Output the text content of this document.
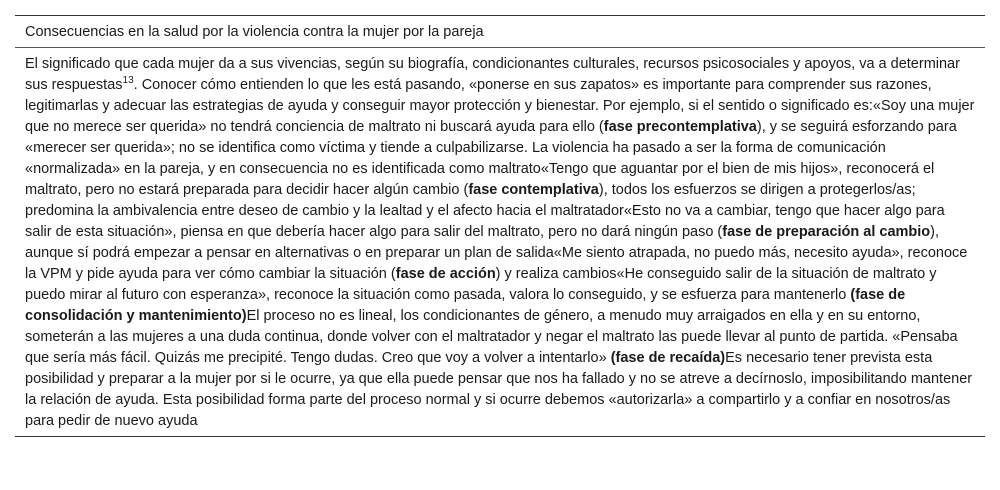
Consecuencias en la salud por la violencia contra la mujer por la pareja
El significado que cada mujer da a sus vivencias, según su biografía, condicionantes culturales, recursos psicosociales y apoyos, va a determinar sus respuestas$^{13}$. Conocer cómo entienden lo que les está pasando, «ponerse en sus zapatos» es importante para comprender sus razones, legitimarlas y adecuar las estrategias de ayuda y conseguir mayor protección y bienestar. Por ejemplo, si el sentido o significado es:«Soy una mujer que no merece ser querida» no tendrá conciencia de maltrato ni buscará ayuda para ello (fase precontemplativa), y se seguirá esforzando para «merecer ser querida»; no se identifica como víctima y tiende a culpabilizarse. La violencia ha pasado a ser la forma de comunicación «normalizada» en la pareja, y en consecuencia no es identificada como maltrato«Tengo que aguantar por el bien de mis hijos», reconocerá el maltrato, pero no estará preparada para decidir hacer algún cambio (fase contemplativa), todos los esfuerzos se dirigen a protegerlos/as; predomina la ambivalencia entre deseo de cambio y la lealtad y el afecto hacia el maltratador«Esto no va a cambiar, tengo que hacer algo para salir de esta situación», piensa en que debería hacer algo para salir del maltrato, pero no dará ningún paso (fase de preparación al cambio), aunque sí podrá empezar a pensar en alternativas o en preparar un plan de salida«Me siento atrapada, no puedo más, necesito ayuda», reconoce la VPM y pide ayuda para ver cómo cambiar la situación (fase de acción) y realiza cambios«He conseguido salir de la situación de maltrato y puedo mirar al futuro con esperanza», reconoce la situación como pasada, valora lo conseguido, y se esfuerza para mantenerlo (fase de consolidación y mantenimiento)El proceso no es lineal, los condicionantes de género, a menudo muy arraigados en ella y en su entorno, someterán a las mujeres a una duda continua, donde volver con el maltratador y negar el maltrato las puede llevar al punto de partida. «Pensaba que sería más fácil. Quizás me precipité. Tengo dudas. Creo que voy a volver a intentarlo» (fase de recaída)Es necesario tener prevista esta posibilidad y preparar a la mujer por si le ocurre, ya que ella puede pensar que nos ha fallado y no se atreve a decírnoslo, imposibilitando mantener la relación de ayuda. Esta posibilidad forma parte del proceso normal y si ocurre debemos «autorizarla» a compartirlo y a confiar en nosotros/as para pedir de nuevo ayuda
